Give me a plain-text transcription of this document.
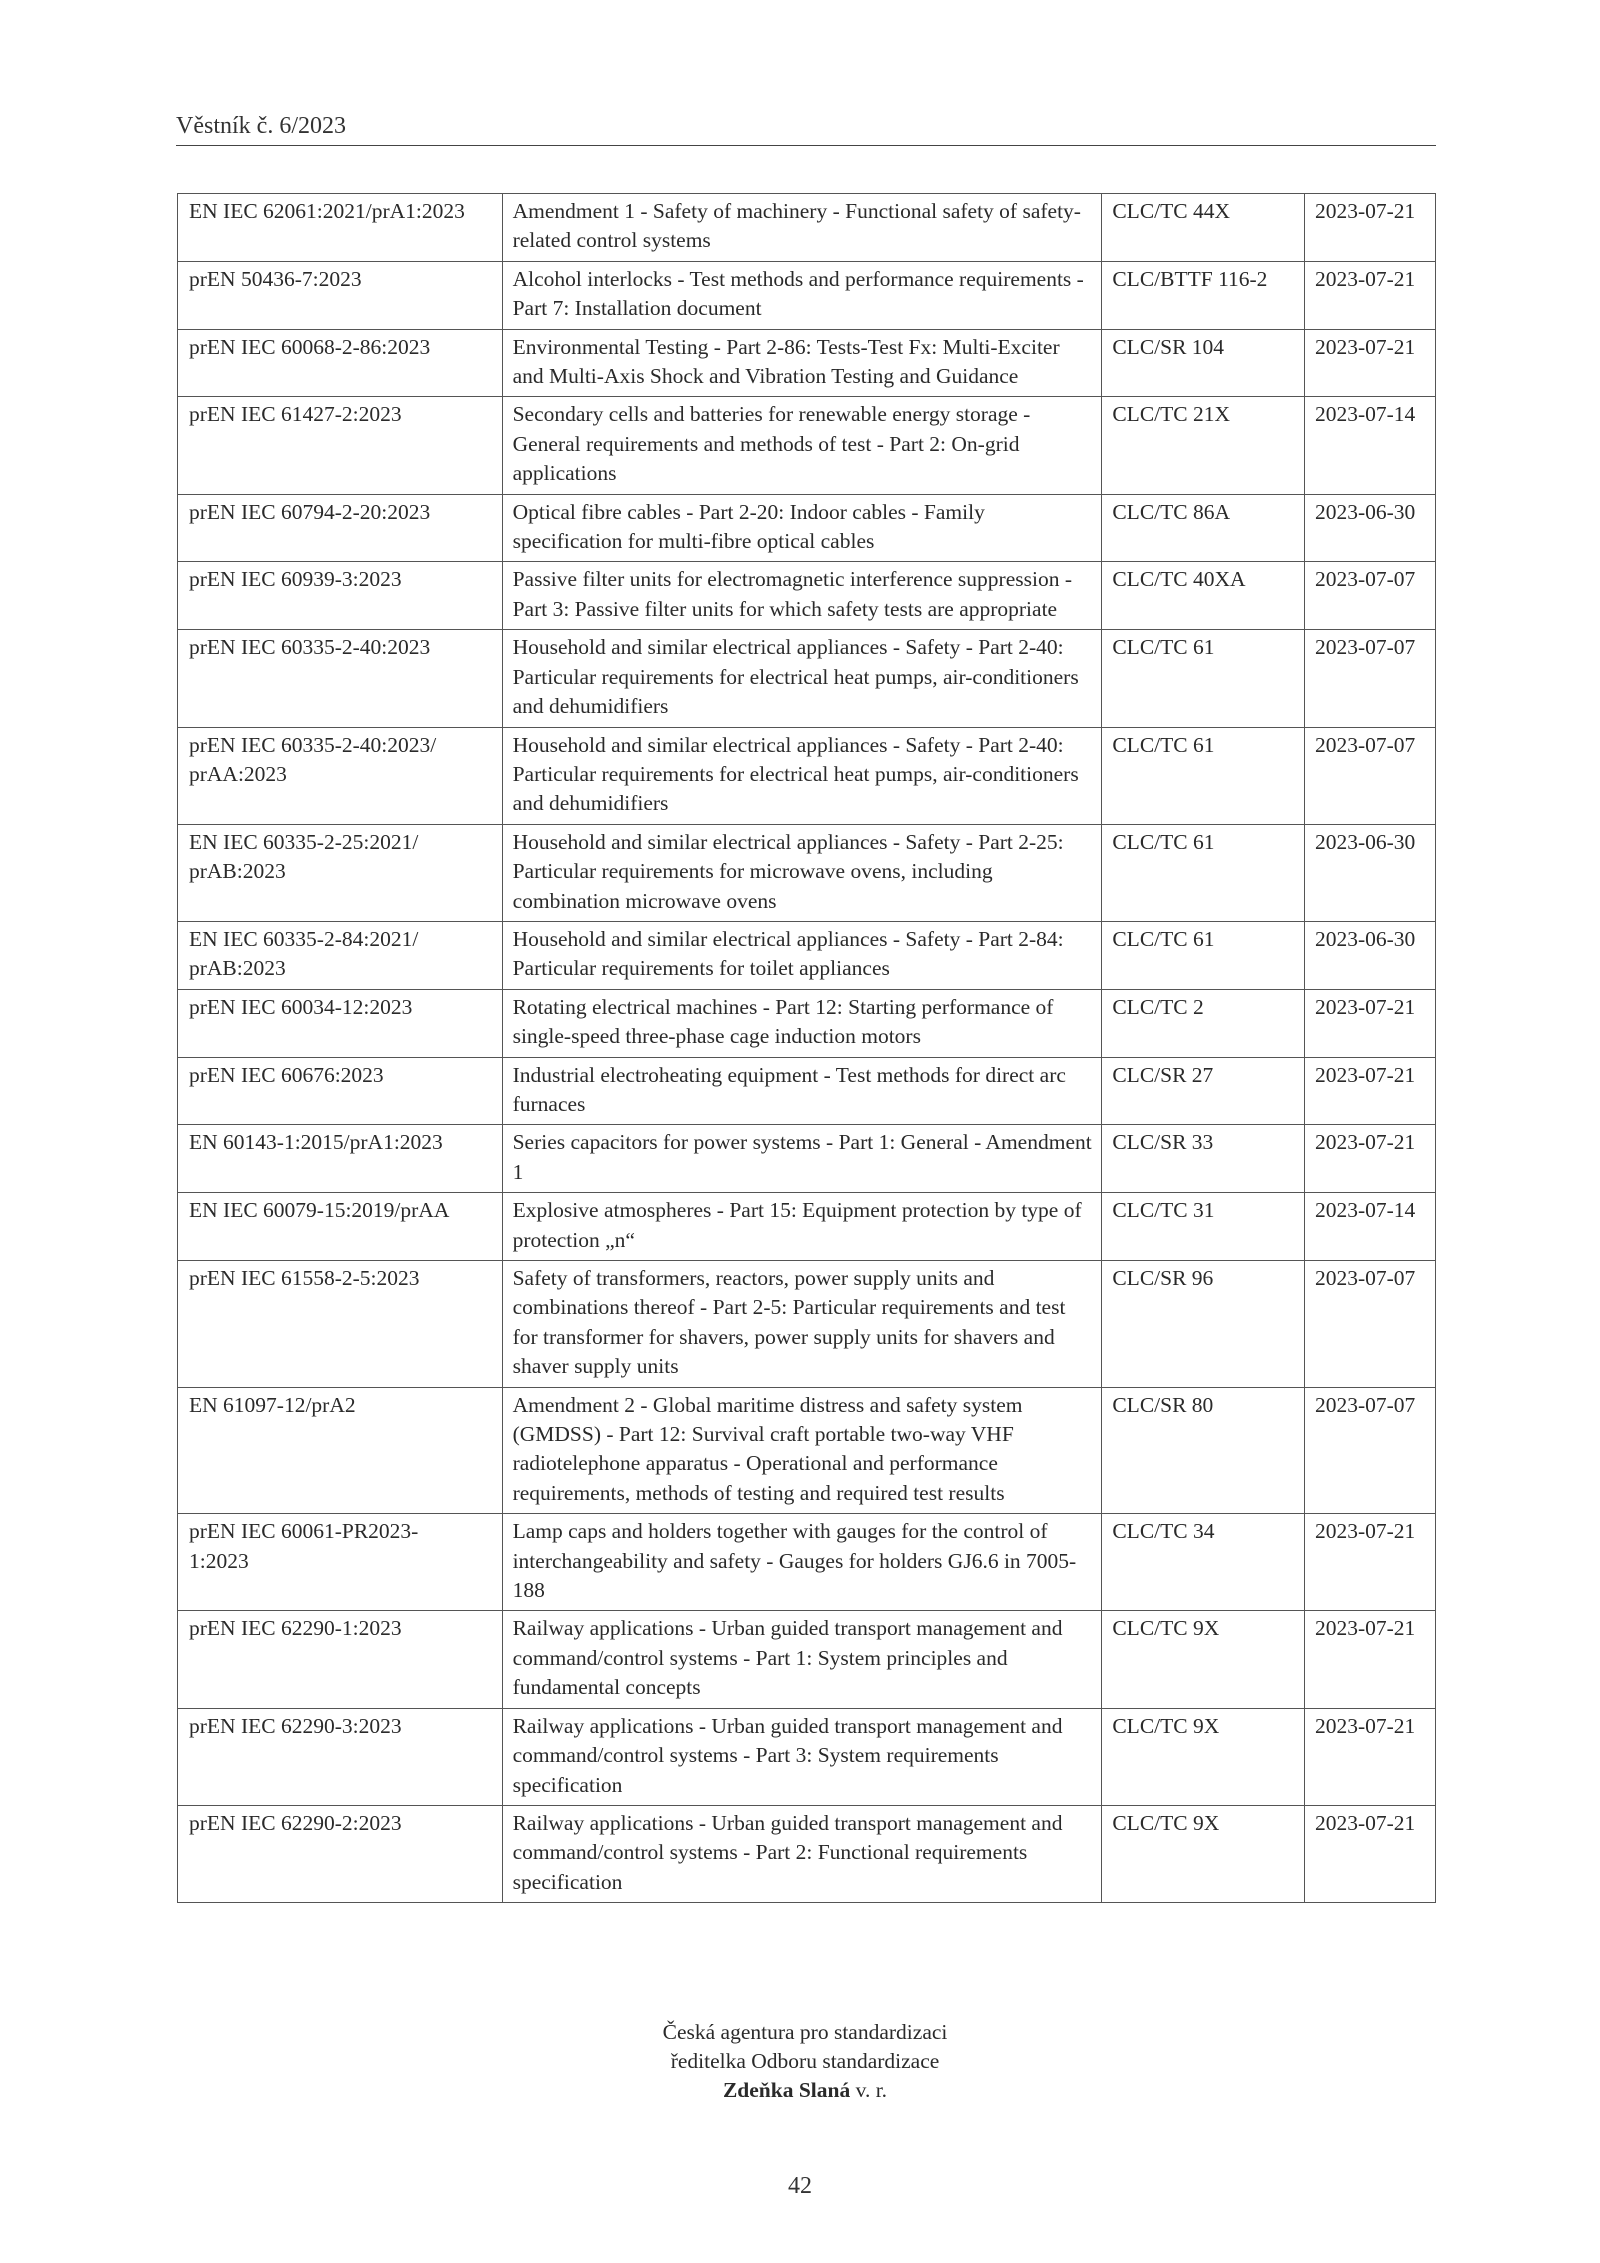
Věstník č. 6/2023
EN IEC 62061:2021/prA1:2023	Amendment 1 - Safety of machinery - Functional safety of safety-related control systems	CLC/TC 44X	2023-07-21

prEN 50436-7:2023	Alcohol interlocks - Test methods and performance requirements - Part 7: Installation document	CLC/BTTF 116-2	2023-07-21

prEN IEC 60068-2-86:2023	Environmental Testing - Part 2-86: Tests-Test Fx: Multi-Exciter and Multi-Axis Shock and Vibration Testing and Guidance	CLC/SR 104	2023-07-21

prEN IEC 61427-2:2023	Secondary cells and batteries for renewable energy storage - General requirements and methods of test - Part 2: On-grid applications	CLC/TC 21X	2023-07-14

prEN IEC 60794-2-20:2023	Optical fibre cables - Part 2-20: Indoor cables - Family specification for multi-fibre optical cables	CLC/TC 86A	2023-06-30

prEN IEC 60939-3:2023	Passive filter units for electromagnetic interference suppression - Part 3: Passive filter units for which safety tests are appropriate	CLC/TC 40XA	2023-07-07

prEN IEC 60335-2-40:2023	Household and similar electrical appliances - Safety - Part 2-40: Particular requirements for electrical heat pumps, air-conditioners and dehumidifiers	CLC/TC 61	2023-07-07

prEN IEC 60335-2-40:2023/
prAA:2023	Household and similar electrical appliances - Safety - Part 2-40: Particular requirements for electrical heat pumps, air-conditioners and dehumidifiers	CLC/TC 61	2023-07-07

EN IEC 60335-2-25:2021/
prAB:2023	Household and similar electrical appliances - Safety - Part 2-25: Particular requirements for microwave ovens, including combination microwave ovens	CLC/TC 61	2023-06-30

EN IEC 60335-2-84:2021/
prAB:2023	Household and similar electrical appliances - Safety - Part 2-84: Particular requirements for toilet appliances	CLC/TC 61	2023-06-30

prEN IEC 60034-12:2023	Rotating electrical machines - Part 12: Starting performance of single-speed three-phase cage induction motors	CLC/TC 2	2023-07-21

prEN IEC 60676:2023	Industrial electroheating equipment - Test methods for direct arc furnaces	CLC/SR 27	2023-07-21

EN 60143-1:2015/prA1:2023	Series capacitors for power systems - Part 1: General - Amendment 1	CLC/SR 33	2023-07-21

EN IEC 60079-15:2019/prAA	Explosive atmospheres - Part 15: Equipment protection by type of protection „n“	CLC/TC 31	2023-07-14

prEN IEC 61558-2-5:2023	Safety of transformers, reactors, power supply units and combinations thereof - Part 2-5: Particular requirements and test for transformer for shavers, power supply units for shavers and shaver supply units	CLC/SR 96	2023-07-07

EN 61097-12/prA2	Amendment 2 - Global maritime distress and safety system (GMDSS) - Part 12: Survival craft portable two-way VHF radiotelephone apparatus - Operational and performance requirements, methods of testing and required test results	CLC/SR 80	2023-07-07

prEN IEC 60061-PR2023-
1:2023	Lamp caps and holders together with gauges for the control of interchangeability and safety - Gauges for holders GJ6.6 in 7005-188	CLC/TC 34	2023-07-21

prEN IEC 62290-1:2023	Railway applications - Urban guided transport management and command/control systems - Part 1: System principles and fundamental concepts	CLC/TC 9X	2023-07-21

prEN IEC 62290-3:2023	Railway applications - Urban guided transport management and command/control systems - Part 3: System requirements specification	CLC/TC 9X	2023-07-21

prEN IEC 62290-2:2023	Railway applications - Urban guided transport management and command/control systems - Part 2: Functional requirements specification	CLC/TC 9X	2023-07-21
Česká agentura pro standardizaci
ředitelka Odboru standardizace
Zdeňka Slaná v. r.
42
